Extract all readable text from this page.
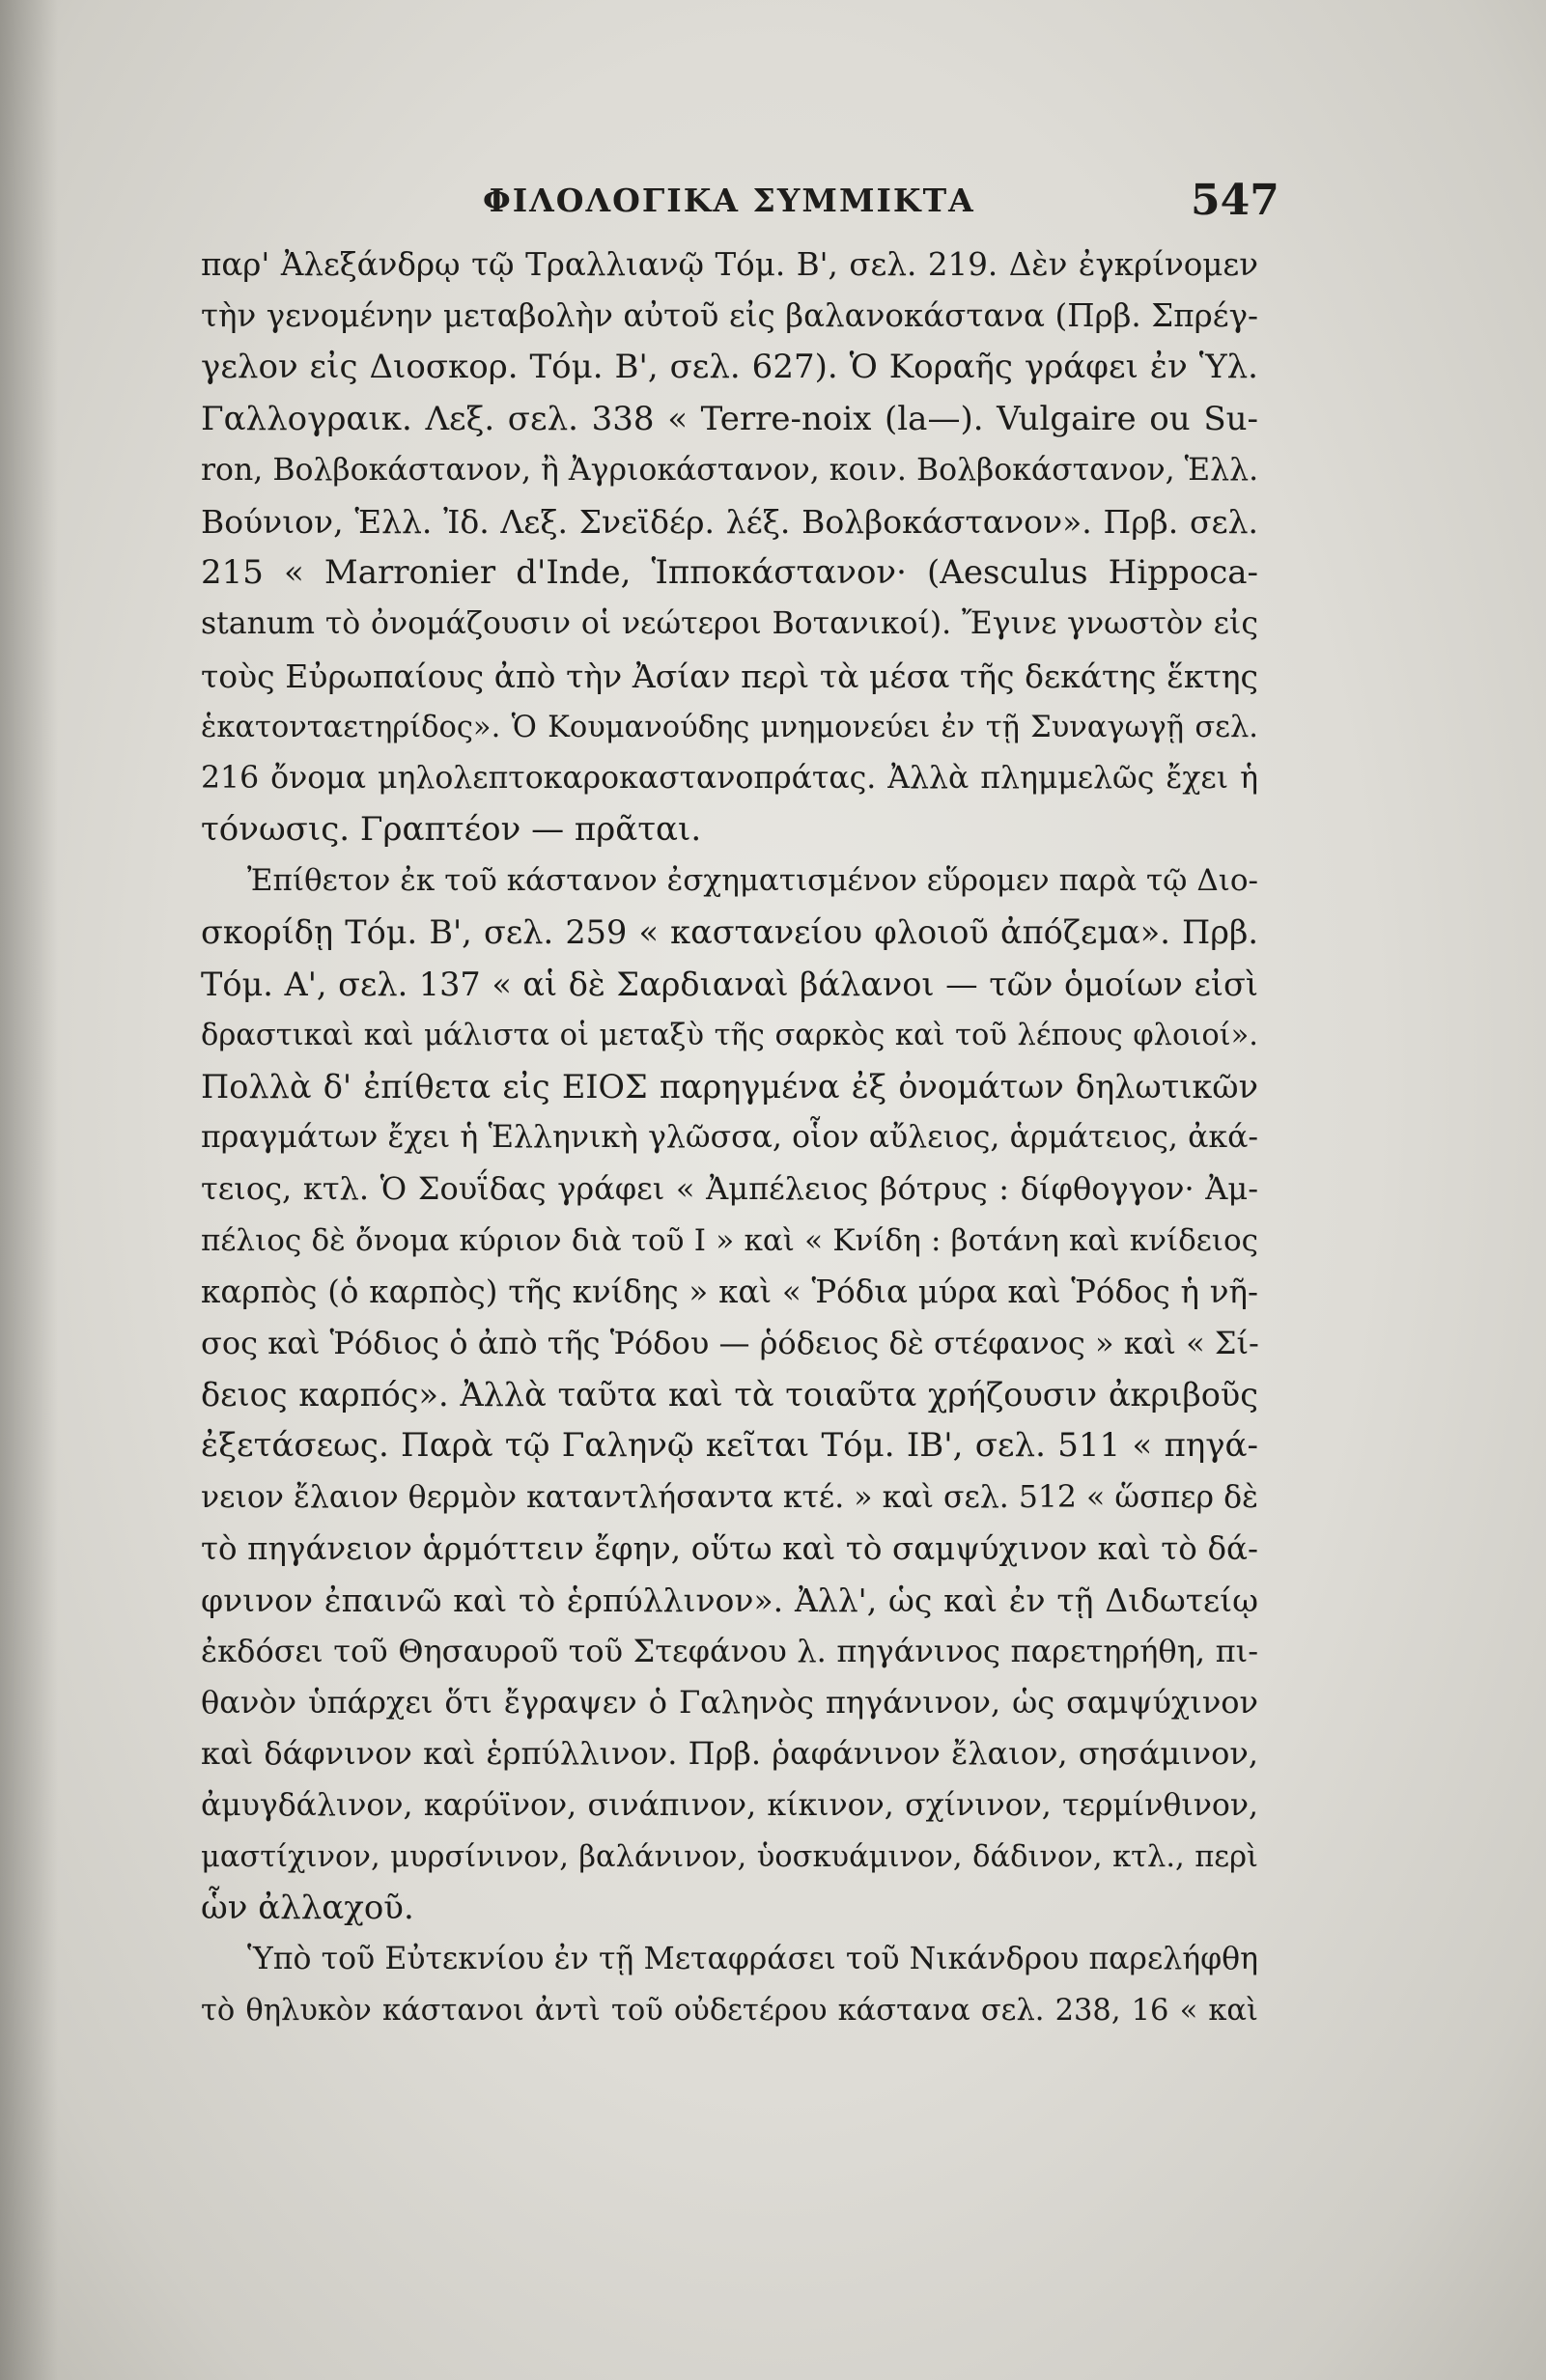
ΦΙΛΟΛΟΓΙΚΑ ΣΥΜΜΙΚΤΑ	547
παρ' Ἀλεξάνδρῳ τῷ Τραλλιανῷ Τόμ. Β', σελ. 219. Δὲν ἐγκρίνομεν
τὴν γενομένην μεταβολὴν αὐτοῦ εἰς βαλανοκάστανα (Πρβ. Σπρέγ-
γελον εἰς Διοσκορ. Τόμ. Β', σελ. 627). Ὁ Κοραῆς γράφει ἐν Ὑλ.
Γαλλογραικ. Λεξ. σελ. 338 « Terre-noix (la—). Vulgaire ou Su-
ron, Βολβοκάστανον, ἢ Ἀγριοκάστανον, κοιν. Βολβοκάστανον, Ἑλλ.
Βούνιον, Ἑλλ. Ἰδ. Λεξ. Σνεϊδέρ. λέξ. Βολβοκάστανον». Πρβ. σελ.
215 « Marronier d'Inde, Ἱπποκάστανον· (Aesculus Hippoca-
stanum τὸ ὀνομάζουσιν οἱ νεώτεροι Βοτανικοί). Ἔγινε γνωστὸν εἰς
τοὺς Εὐρωπαίους ἀπὸ τὴν Ἀσίαν περὶ τὰ μέσα τῆς δεκάτης ἕκτης
ἑκατονταετηρίδος». Ὁ Κουμανούδης μνημονεύει ἐν τῇ Συναγωγῇ σελ.
216 ὄνομα μηλολεπτοκαροκαστανοπράτας. Ἀλλὰ πλημμελῶς ἔχει ἡ
τόνωσις. Γραπτέον — πρᾶται.
Ἐπίθετον ἐκ τοῦ κάστανον ἐσχηματισμένον εὕρομεν παρὰ τῷ Διο-
σκορίδῃ Τόμ. Β', σελ. 259 « καστανείου φλοιοῦ ἀπόζεμα». Πρβ.
Τόμ. Α', σελ. 137 « αἱ δὲ Σαρδιαναὶ βάλανοι — τῶν ὁμοίων εἰσὶ
δραστικαὶ καὶ μάλιστα οἱ μεταξὺ τῆς σαρκὸς καὶ τοῦ λέπους φλοιοί».
Πολλὰ δ' ἐπίθετα εἰς ΕΙΟΣ παρηγμένα ἐξ ὀνομάτων δηλωτικῶν
πραγμάτων ἔχει ἡ Ἑλληνικὴ γλῶσσα, οἷον αὔλειος, ἁρμάτειος, ἀκά-
τειος, κτλ. Ὁ Σουΐδας γράφει « Ἀμπέλειος βότρυς : δίφθογγον· Ἀμ-
πέλιος δὲ ὄνομα κύριον διὰ τοῦ Ι » καὶ « Κνίδη : βοτάνη καὶ κνίδειος
καρπὸς (ὁ καρπὸς) τῆς κνίδης » καὶ « Ῥόδια μύρα καὶ Ῥόδος ἡ νῆ-
σος καὶ Ῥόδιος ὁ ἀπὸ τῆς Ῥόδου — ῥόδειος δὲ στέφανος » καὶ « Σί-
δειος καρπός». Ἀλλὰ ταῦτα καὶ τὰ τοιαῦτα χρήζουσιν ἀκριβοῦς
ἐξετάσεως. Παρὰ τῷ Γαληνῷ κεῖται Τόμ. ΙΒ', σελ. 511 « πηγά-
νειον ἔλαιον θερμὸν καταντλήσαντα κτέ. » καὶ σελ. 512 « ὥσπερ δὲ
τὸ πηγάνειον ἁρμόττειν ἔφην, οὕτω καὶ τὸ σαμψύχινον καὶ τὸ δά-
φνινον ἐπαινῶ καὶ τὸ ἑρπύλλινον». Ἀλλ', ὡς καὶ ἐν τῇ Διδωτείῳ
ἐκδόσει τοῦ Θησαυροῦ τοῦ Στεφάνου λ. πηγάνινος παρετηρήθη, πι-
θανὸν ὑπάρχει ὅτι ἔγραψεν ὁ Γαληνὸς πηγάνινον, ὡς σαμψύχινον
καὶ δάφνινον καὶ ἑρπύλλινον. Πρβ. ῥαφάνινον ἔλαιον, σησάμινον,
ἀμυγδάλινον, καρύϊνον, σινάπινον, κίκινον, σχίνινον, τερμίνθινον,
μαστίχινον, μυρσίνινον, βαλάνινον, ὑοσκυάμινον, δάδινον, κτλ., περὶ
ὧν ἀλλαχοῦ.
Ὑπὸ τοῦ Εὐτεκνίου ἐν τῇ Μεταφράσει τοῦ Νικάνδρου παρελήφθη
τὸ θηλυκὸν κάστανοι ἀντὶ τοῦ οὐδετέρου κάστανα σελ. 238, 16 « καὶ
